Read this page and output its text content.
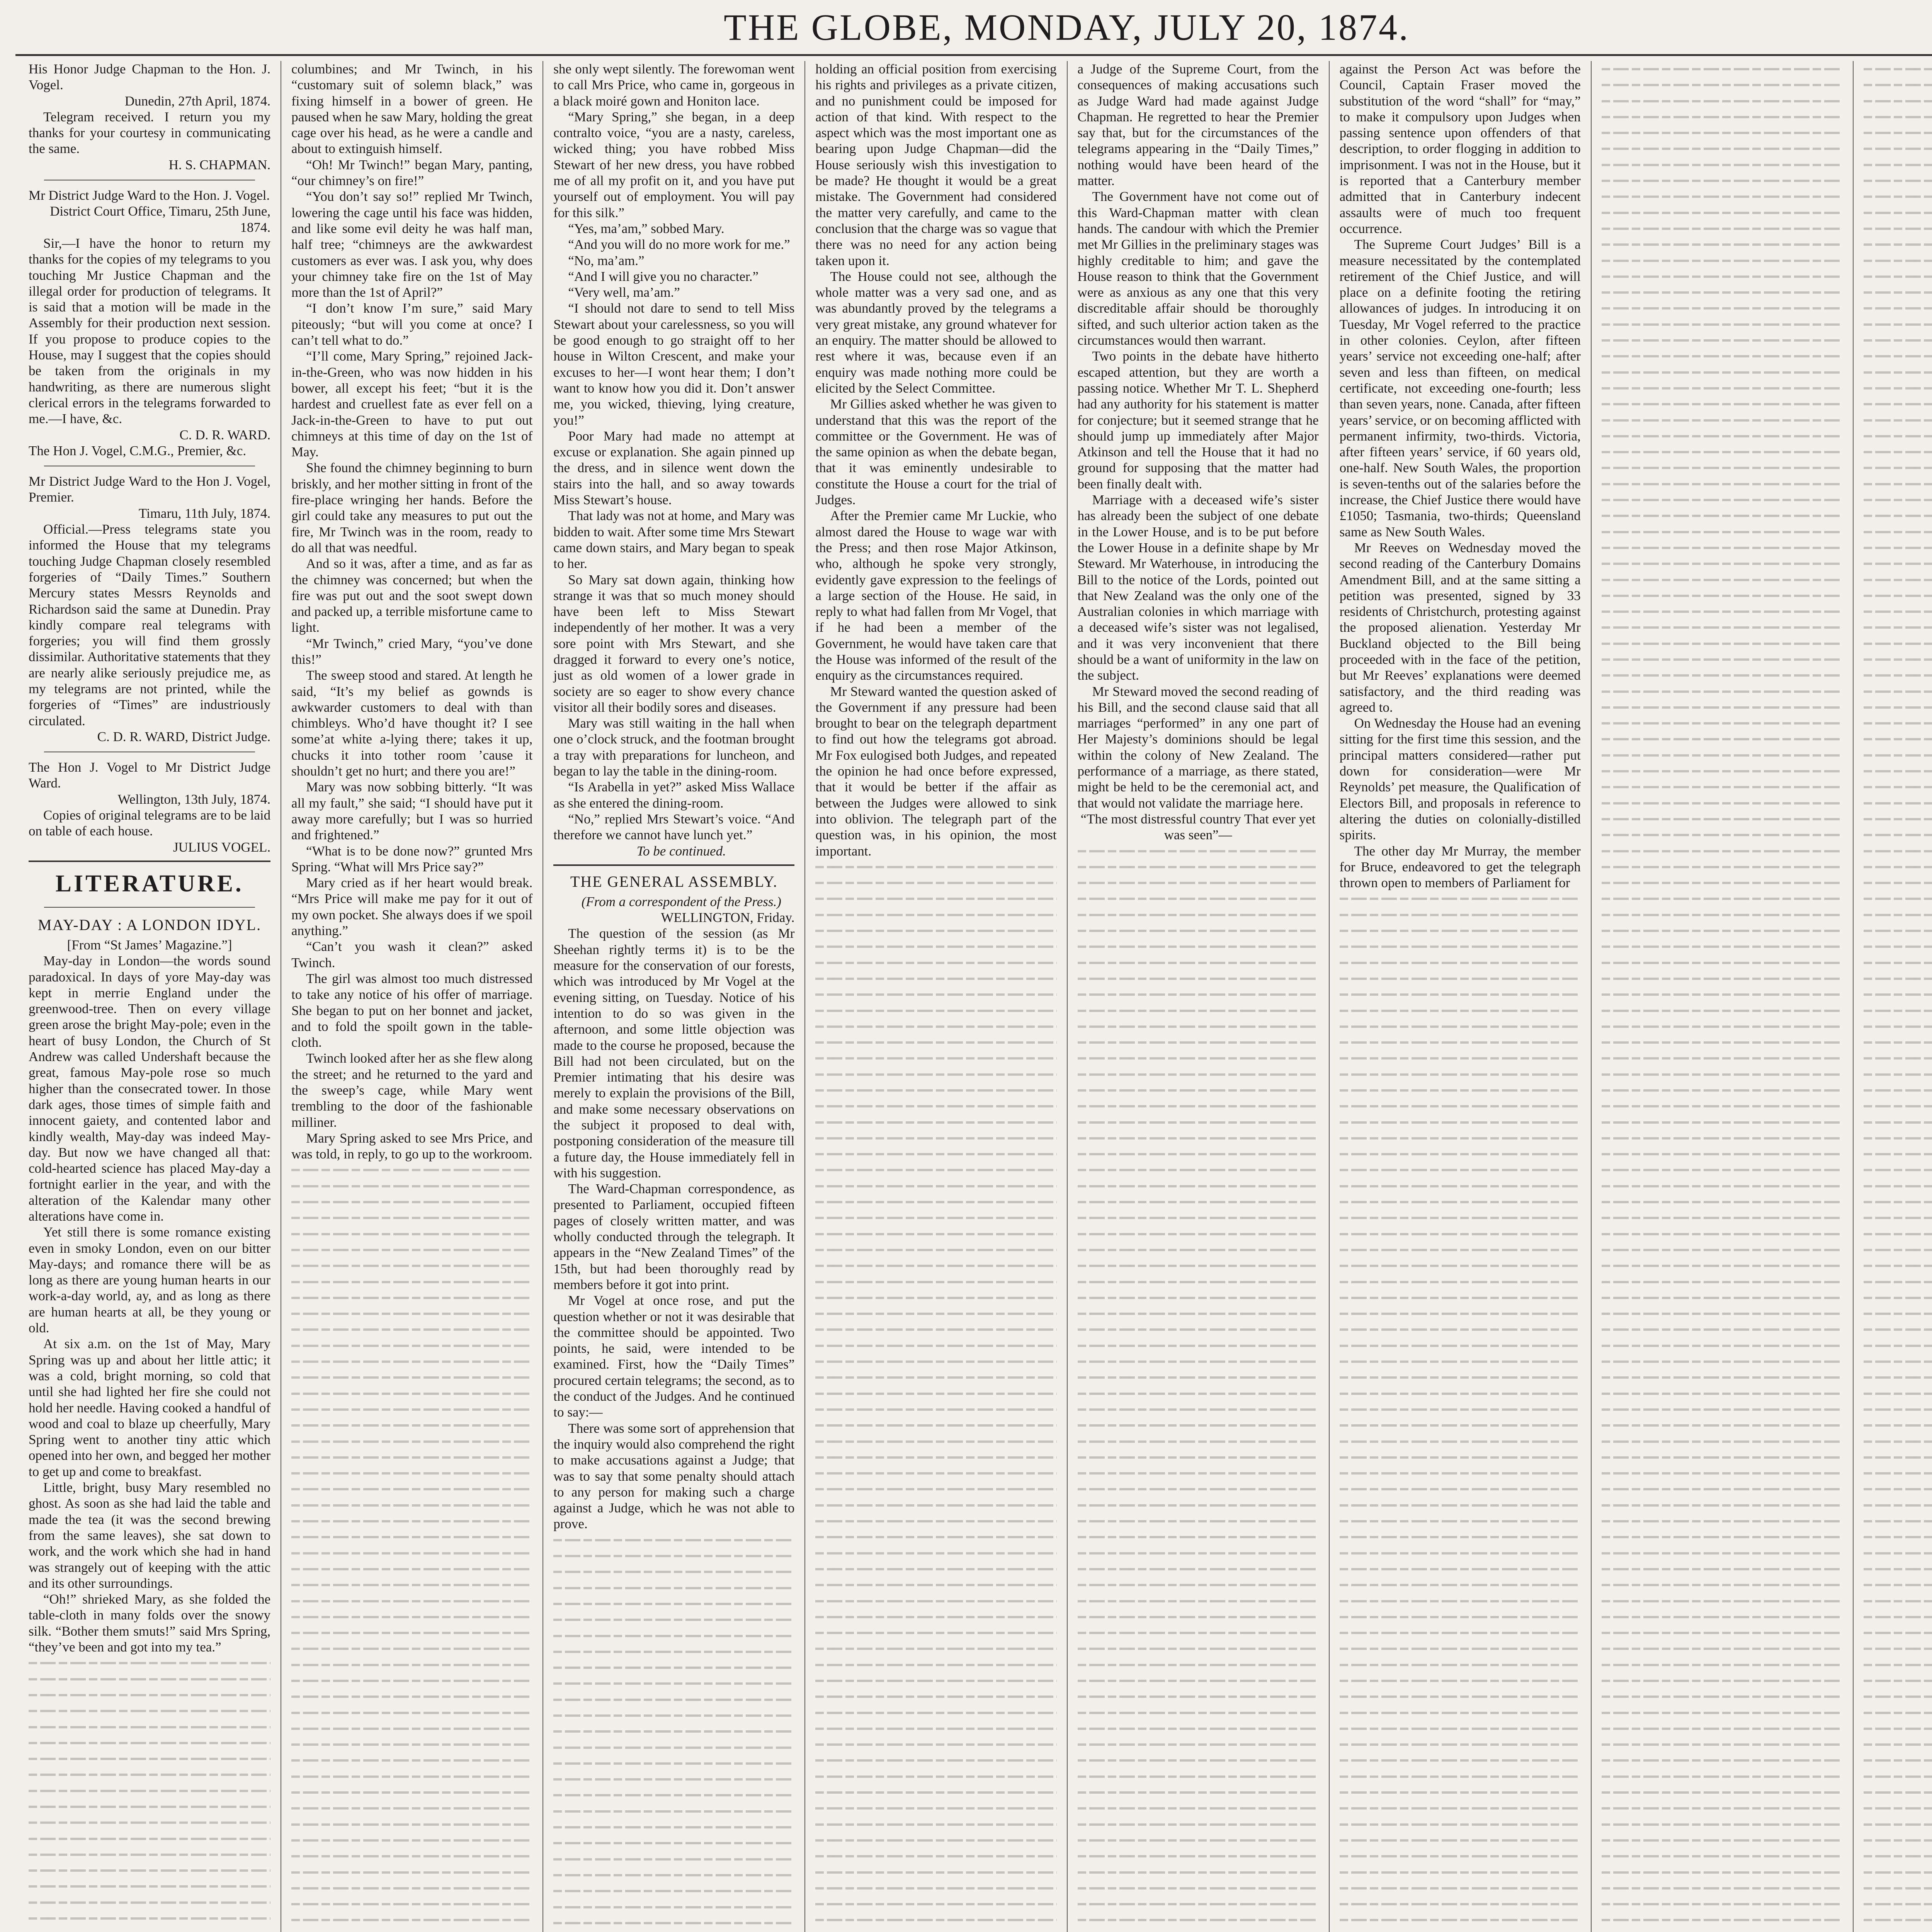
THE GLOBE, MONDAY, JULY 20, 1874.

His Honor Judge Chapman to the Hon. J. Vogel.

Dunedin, 27th April, 1874.

Telegram received. I return you my thanks for your courtesy in communicating the same.

H. S. CHAPMAN.

Mr District Judge Ward to the Hon. J. Vogel.

District Court Office, Timaru, 25th June, 1874.

Sir,—I have the honor to return my thanks for the copies of my telegrams to you touching Mr Justice Chapman and the illegal order for production of telegrams. It is said that a motion will be made in the Assembly for their production next session. If you propose to produce copies to the House, may I suggest that the copies should be taken from the originals in my handwriting, as there are numerous slight clerical errors in the telegrams forwarded to me.—I have, &c.

C. D. R. WARD.

The Hon J. Vogel, C.M.G., Premier, &c.

Mr District Judge Ward to the Hon J. Vogel, Premier.

Timaru, 11th July, 1874.

Official.—Press telegrams state you informed the House that my telegrams touching Judge Chapman closely resembled forgeries of “Daily Times.” Southern Mercury states Messrs Reynolds and Richardson said the same at Dunedin. Pray kindly compare real telegrams with forgeries; you will find them grossly dissimilar. Authoritative statements that they are nearly alike seriously prejudice me, as my telegrams are not printed, while the forgeries of “Times” are industriously circulated.

C. D. R. WARD, District Judge.

The Hon J. Vogel to Mr District Judge Ward.

Wellington, 13th July, 1874.

Copies of original telegrams are to be laid on table of each house.

JULIUS VOGEL.

LITERATURE.
MAY-DAY : A LONDON IDYL.

[From “St James’ Magazine.”]

May-day in London—the words sound paradoxical. In days of yore May-day was kept in merrie England under the greenwood-tree. Then on every village green arose the bright May-pole; even in the heart of busy London, the Church of St Andrew was called Undershaft because the great, famous May-pole rose so much higher than the consecrated tower. In those dark ages, those times of simple faith and innocent gaiety, and contented labor and kindly wealth, May-day was indeed May-day. But now we have changed all that: cold-hearted science has placed May-day a fortnight earlier in the year, and with the alteration of the Kalendar many other alterations have come in.

Yet still there is some romance existing even in smoky London, even on our bitter May-days; and romance there will be as long as there are young human hearts in our work-a-day world, ay, and as long as there are human hearts at all, be they young or old.

At six a.m. on the 1st of May, Mary Spring was up and about her little attic; it was a cold, bright morning, so cold that until she had lighted her fire she could not hold her needle. Having cooked a handful of wood and coal to blaze up cheerfully, Mary Spring went to another tiny attic which opened into her own, and begged her mother to get up and come to breakfast.

Little, bright, busy Mary resembled no ghost. As soon as she had laid the table and made the tea (it was the second brewing from the same leaves), she sat down to work, and the work which she had in hand was strangely out of keeping with the attic and its other surroundings.

“Oh!” shrieked Mary, as she folded the table-cloth in many folds over the snowy silk. “Bother them smuts!” said Mrs Spring, “they’ve been and got into my tea.”

columbines; and Mr Twinch, in his “customary suit of solemn black,” was fixing himself in a bower of green. He paused when he saw Mary, holding the great cage over his head, as he were a candle and about to extinguish himself.

“Oh! Mr Twinch!” began Mary, panting, “our chimney’s on fire!”

“You don’t say so!” replied Mr Twinch, lowering the cage until his face was hidden, and like some evil deity he was half man, half tree; “chimneys are the awkwardest customers as ever was. I ask you, why does your chimney take fire on the 1st of May more than the 1st of April?”

“I don’t know I’m sure,” said Mary piteously; “but will you come at once? I can’t tell what to do.”

“I’ll come, Mary Spring,” rejoined Jack-in-the-Green, who was now hidden in his bower, all except his feet; “but it is the hardest and cruellest fate as ever fell on a Jack-in-the-Green to have to put out chimneys at this time of day on the 1st of May.

She found the chimney beginning to burn briskly, and her mother sitting in front of the fire-place wringing her hands. Before the girl could take any measures to put out the fire, Mr Twinch was in the room, ready to do all that was needful.

And so it was, after a time, and as far as the chimney was concerned; but when the fire was put out and the soot swept down and packed up, a terrible misfortune came to light.

“Mr Twinch,” cried Mary, “you’ve done this!”

The sweep stood and stared. At length he said, “It’s my belief as gownds is awkwarder customers to deal with than chimbleys. Who’d have thought it? I see some’at white a-lying there; takes it up, chucks it into tother room ’cause it shouldn’t get no hurt; and there you are!”

Mary was now sobbing bitterly. “It was all my fault,” she said; “I should have put it away more carefully; but I was so hurried and frightened.”

“What is to be done now?” grunted Mrs Spring. “What will Mrs Price say?”

Mary cried as if her heart would break. “Mrs Price will make me pay for it out of my own pocket. She always does if we spoil anything.”

“Can’t you wash it clean?” asked Twinch.

The girl was almost too much distressed to take any notice of his offer of marriage. She began to put on her bonnet and jacket, and to fold the spoilt gown in the table-cloth.

Twinch looked after her as she flew along the street; and he returned to the yard and the sweep’s cage, while Mary went trembling to the door of the fashionable milliner.

Mary Spring asked to see Mrs Price, and was told, in reply, to go up to the workroom.

she only wept silently. The forewoman went to call Mrs Price, who came in, gorgeous in a black moiré gown and Honiton lace.

“Mary Spring,” she began, in a deep contralto voice, “you are a nasty, careless, wicked thing; you have robbed Miss Stewart of her new dress, you have robbed me of all my profit on it, and you have put yourself out of employment. You will pay for this silk.”

“Yes, ma’am,” sobbed Mary.

“And you will do no more work for me.”

“No, ma’am.”

“And I will give you no character.”

“Very well, ma’am.”

“I should not dare to send to tell Miss Stewart about your carelessness, so you will be good enough to go straight off to her house in Wilton Crescent, and make your excuses to her—I wont hear them; I don’t want to know how you did it. Don’t answer me, you wicked, thieving, lying creature, you!”

Poor Mary had made no attempt at excuse or explanation. She again pinned up the dress, and in silence went down the stairs into the hall, and so away towards Miss Stewart’s house.

That lady was not at home, and Mary was bidden to wait. After some time Mrs Stewart came down stairs, and Mary began to speak to her.

So Mary sat down again, thinking how strange it was that so much money should have been left to Miss Stewart independently of her mother. It was a very sore point with Mrs Stewart, and she dragged it forward to every one’s notice, just as old women of a lower grade in society are so eager to show every chance visitor all their bodily sores and diseases.

Mary was still waiting in the hall when one o’clock struck, and the footman brought a tray with preparations for luncheon, and began to lay the table in the dining-room.

“Is Arabella in yet?” asked Miss Wallace as she entered the dining-room.

“No,” replied Mrs Stewart’s voice. “And therefore we cannot have lunch yet.”

To be continued.

THE GENERAL ASSEMBLY.

(From a correspondent of the Press.)

WELLINGTON, Friday.

The question of the session (as Mr Sheehan rightly terms it) is to be the measure for the conservation of our forests, which was introduced by Mr Vogel at the evening sitting, on Tuesday. Notice of his intention to do so was given in the afternoon, and some little objection was made to the course he proposed, because the Bill had not been circulated, but on the Premier intimating that his desire was merely to explain the provisions of the Bill, and make some necessary observations on the subject it proposed to deal with, postponing consideration of the measure till a future day, the House immediately fell in with his suggestion.

The Ward-Chapman correspondence, as presented to Parliament, occupied fifteen pages of closely written matter, and was wholly conducted through the telegraph. It appears in the “New Zealand Times” of the 15th, but had been thoroughly read by members before it got into print.

Mr Vogel at once rose, and put the question whether or not it was desirable that the committee should be appointed. Two points, he said, were intended to be examined. First, how the “Daily Times” procured certain telegrams; the second, as to the conduct of the Judges. And he continued to say:—

There was some sort of apprehension that the inquiry would also comprehend the right to make accusations against a Judge; that was to say that some penalty should attach to any person for making such a charge against a Judge, which he was not able to prove.

holding an official position from exercising his rights and privileges as a private citizen, and no punishment could be imposed for action of that kind. With respect to the aspect which was the most important one as bearing upon Judge Chapman—did the House seriously wish this investigation to be made? He thought it would be a great mistake. The Government had considered the matter very carefully, and came to the conclusion that the charge was so vague that there was no need for any action being taken upon it.

The House could not see, although the whole matter was a very sad one, and as was abundantly proved by the telegrams a very great mistake, any ground whatever for an enquiry. The matter should be allowed to rest where it was, because even if an enquiry was made nothing more could be elicited by the Select Committee.

Mr Gillies asked whether he was given to understand that this was the report of the committee or the Government. He was of the same opinion as when the debate began, that it was eminently undesirable to constitute the House a court for the trial of Judges.

After the Premier came Mr Luckie, who almost dared the House to wage war with the Press; and then rose Major Atkinson, who, although he spoke very strongly, evidently gave expression to the feelings of a large section of the House. He said, in reply to what had fallen from Mr Vogel, that if he had been a member of the Government, he would have taken care that the House was informed of the result of the enquiry as the circumstances required.

Mr Steward wanted the question asked of the Government if any pressure had been brought to bear on the telegraph department to find out how the telegrams got abroad. Mr Fox eulogised both Judges, and repeated the opinion he had once before expressed, that it would be better if the affair as between the Judges were allowed to sink into oblivion. The telegraph part of the question was, in his opinion, the most important.

a Judge of the Supreme Court, from the consequences of making accusations such as Judge Ward had made against Judge Chapman. He regretted to hear the Premier say that, but for the circumstances of the telegrams appearing in the “Daily Times,” nothing would have been heard of the matter.

The Government have not come out of this Ward-Chapman matter with clean hands. The candour with which the Premier met Mr Gillies in the preliminary stages was highly creditable to him; and gave the House reason to think that the Government were as anxious as any one that this very discreditable affair should be thoroughly sifted, and such ulterior action taken as the circumstances would then warrant.

Two points in the debate have hitherto escaped attention, but they are worth a passing notice. Whether Mr T. L. Shepherd had any authority for his statement is matter for conjecture; but it seemed strange that he should jump up immediately after Major Atkinson and tell the House that it had no ground for supposing that the matter had been finally dealt with.

Marriage with a deceased wife’s sister has already been the subject of one debate in the Lower House, and is to be put before the Lower House in a definite shape by Mr Steward. Mr Waterhouse, in introducing the Bill to the notice of the Lords, pointed out that New Zealand was the only one of the Australian colonies in which marriage with a deceased wife’s sister was not legalised, and it was very inconvenient that there should be a want of uniformity in the law on the subject.

Mr Steward moved the second reading of his Bill, and the second clause said that all marriages “performed” in any one part of Her Majesty’s dominions should be legal within the colony of New Zealand. The performance of a marriage, as there stated, might be held to be the ceremonial act, and that would not validate the marriage here.

“The most distressful country That ever yet was seen”—

against the Person Act was before the Council, Captain Fraser moved the substitution of the word “shall” for “may,” to make it compulsory upon Judges when passing sentence upon offenders of that description, to order flogging in addition to imprisonment. I was not in the House, but it is reported that a Canterbury member admitted that in Canterbury indecent assaults were of much too frequent occurrence.

The Supreme Court Judges’ Bill is a measure necessitated by the contemplated retirement of the Chief Justice, and will place on a definite footing the retiring allowances of judges. In introducing it on Tuesday, Mr Vogel referred to the practice in other colonies. Ceylon, after fifteen years’ service not exceeding one-half; after seven and less than fifteen, on medical certificate, not exceeding one-fourth; less than seven years, none. Canada, after fifteen years’ service, or on becoming afflicted with permanent infirmity, two-thirds. Victoria, after fifteen years’ service, if 60 years old, one-half. New South Wales, the proportion is seven-tenths out of the salaries before the increase, the Chief Justice there would have £1050; Tasmania, two-thirds; Queensland same as New South Wales.

Mr Reeves on Wednesday moved the second reading of the Canterbury Domains Amendment Bill, and at the same sitting a petition was presented, signed by 33 residents of Christchurch, protesting against the proposed alienation. Yesterday Mr Buckland objected to the Bill being proceeded with in the face of the petition, but Mr Reeves’ explanations were deemed satisfactory, and the third reading was agreed to.

On Wednesday the House had an evening sitting for the first time this session, and the principal matters considered—rather put down for consideration—were Mr Reynolds’ pet measure, the Qualification of Electors Bill, and proposals in reference to altering the duties on colonially-distilled spirits.

The other day Mr Murray, the member for Bruce, endeavored to get the telegraph thrown open to members of Parliament for
